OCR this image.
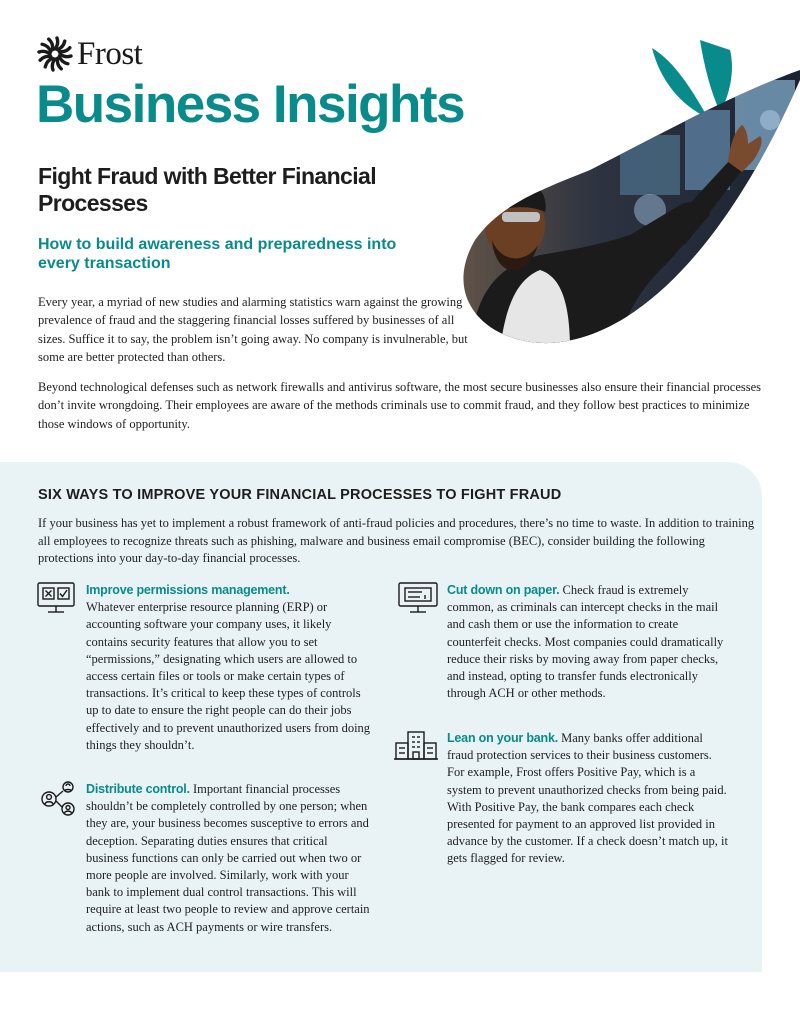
Frost
Business Insights
Fight Fraud with Better Financial Processes
How to build awareness and preparedness into every transaction

Every year, a myriad of new studies and alarming statistics warn against the growing prevalence of fraud and the staggering financial losses suffered by businesses of all sizes. Suffice it to say, the problem isn’t going away. No company is invulnerable, but some are better protected than others.

Beyond technological defenses such as network firewalls and antivirus software, the most secure businesses also ensure their financial processes don’t invite wrongdoing. Their employees are aware of the methods criminals use to commit fraud, and they follow best practices to minimize those windows of opportunity.

SIX WAYS TO IMPROVE YOUR FINANCIAL PROCESSES TO FIGHT FRAUD

If your business has yet to implement a robust framework of anti-fraud policies and procedures, there’s no time to waste. In addition to training all employees to recognize threats such as phishing, malware and business email compromise (BEC), consider building the following protections into your day-to-day financial processes.

Improve permissions management.
Whatever enterprise resource planning (ERP) or accounting software your company uses, it likely contains security features that allow you to set “permissions,” designating which users are allowed to access certain files or tools or make certain types of transactions. It’s critical to keep these types of controls up to date to ensure the right people can do their jobs effectively and to prevent unauthorized users from doing things they shouldn’t.
Distribute control. Important financial processes shouldn’t be completely controlled by one person; when they are, your business becomes susceptive to errors and deception. Separating duties ensures that critical business functions can only be carried out when two or more people are involved. Similarly, work with your bank to implement dual control transactions. This will require at least two people to review and approve certain actions, such as ACH payments or wire transfers.
Cut down on paper. Check fraud is extremely common, as criminals can intercept checks in the mail and cash them or use the information to create counterfeit checks. Most companies could dramatically reduce their risks by moving away from paper checks, and instead, opting to transfer funds electronically through ACH or other methods.
Lean on your bank. Many banks offer additional fraud protection services to their business customers. For example, Frost offers Positive Pay, which is a system to prevent unauthorized checks from being paid. With Positive Pay, the bank compares each check presented for payment to an approved list provided in advance by the customer. If a check doesn’t match up, it gets flagged for review.
